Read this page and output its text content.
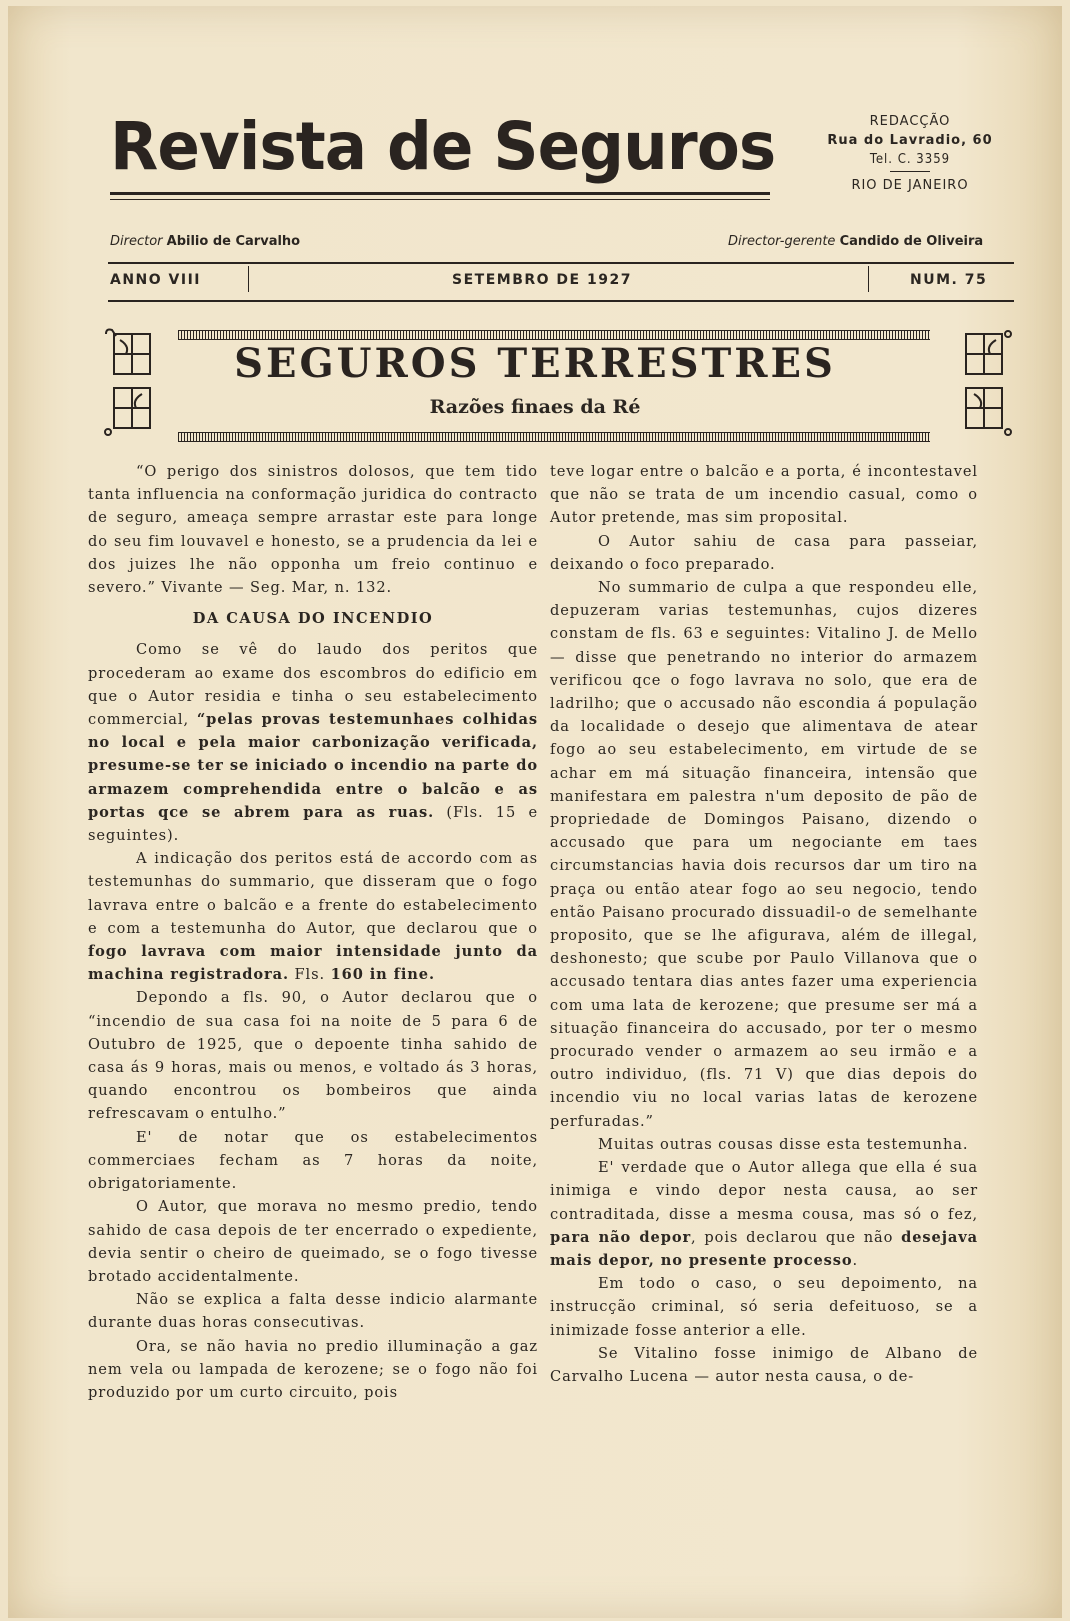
Revista de Seguros	REDACÇÃO
Rua do Lavradio, 60
Tel. C. 3359
RIO DE JANEIRO
Director Abilio de Carvalho	Director-gerente Candido de Oliveira
ANNO VIII	SETEMBRO DE 1927	NUM. 75
SEGUROS TERRESTRES
Razões finaes da Ré

“O perigo dos sinistros dolosos, que tem tido tanta influencia na conformação juridica do contracto de seguro, ameaça sempre arrastar este para longe do seu fim louvavel e honesto, se a prudencia da lei e dos juizes lhe não opponha um freio continuo e severo.” Vivante — Seg. Mar, n. 132.

DA CAUSA DO INCENDIO

Como se vê do laudo dos peritos que procederam ao exame dos escombros do edificio em que o Autor residia e tinha o seu estabelecimento commercial, “pelas provas testemunhaes colhidas no local e pela maior carbonização verificada, presume-se ter se iniciado o incendio na parte do armazem comprehendida entre o balcão e as portas qce se abrem para as ruas. (Fls. 15 e seguintes).

A indicação dos peritos está de accordo com as testemunhas do summario, que disseram que o fogo lavrava entre o balcão e a frente do estabelecimento e com a testemunha do Autor, que declarou que o fogo lavrava com maior intensidade junto da machina registradora. Fls. 160 in fine.

Depondo a fls. 90, o Autor declarou que o “incendio de sua casa foi na noite de 5 para 6 de Outubro de 1925, que o depoente tinha sahido de casa ás 9 horas, mais ou menos, e voltado ás 3 horas, quando encontrou os bombeiros que ainda refrescavam o entulho.”

E' de notar que os estabelecimentos commerciaes fecham as 7 horas da noite, obrigatoriamente.

O Autor, que morava no mesmo predio, tendo sahido de casa depois de ter encerrado o expediente, devia sentir o cheiro de queimado, se o fogo tivesse brotado accidentalmente.

Não se explica a falta desse indicio alarmante durante duas horas consecutivas.

Ora, se não havia no predio illuminação a gaz nem vela ou lampada de kerozene; se o fogo não foi produzido por um curto circuito, pois

teve logar entre o balcão e a porta, é incontestavel que não se trata de um incendio casual, como o Autor pretende, mas sim proposital.

O Autor sahiu de casa para passeiar, deixando o foco preparado.

No summario de culpa a que respondeu elle, depuzeram varias testemunhas, cujos dizeres constam de fls. 63 e seguintes: Vitalino J. de Mello — disse que penetrando no interior do armazem verificou qce o fogo lavrava no solo, que era de ladrilho; que o accusado não escondia á população da localidade o desejo que alimentava de atear fogo ao seu estabelecimento, em virtude de se achar em má situação financeira, intensão que manifestara em palestra n'um deposito de pão de propriedade de Domingos Paisano, dizendo o accusado que para um negociante em taes circumstancias havia dois recursos dar um tiro na praça ou então atear fogo ao seu negocio, tendo então Paisano procurado dissuadil-o de semelhante proposito, que se lhe afigurava, além de illegal, deshonesto; que scube por Paulo Villanova que o accusado tentara dias antes fazer uma experiencia com uma lata de kerozene; que presume ser má a situação financeira do accusado, por ter o mesmo procurado vender o armazem ao seu irmão e a outro individuo, (fls. 71 V) que dias depois do incendio viu no local varias latas de kerozene perfuradas.”

Muitas outras cousas disse esta testemunha.

E' verdade que o Autor allega que ella é sua inimiga e vindo depor nesta causa, ao ser contraditada, disse a mesma cousa, mas só o fez, para não depor, pois declarou que não desejava mais depor, no presente processo.

Em todo o caso, o seu depoimento, na instrucção criminal, só seria defeituoso, se a inimizade fosse anterior a elle.

Se Vitalino fosse inimigo de Albano de Carvalho Lucena — autor nesta causa, o de-
